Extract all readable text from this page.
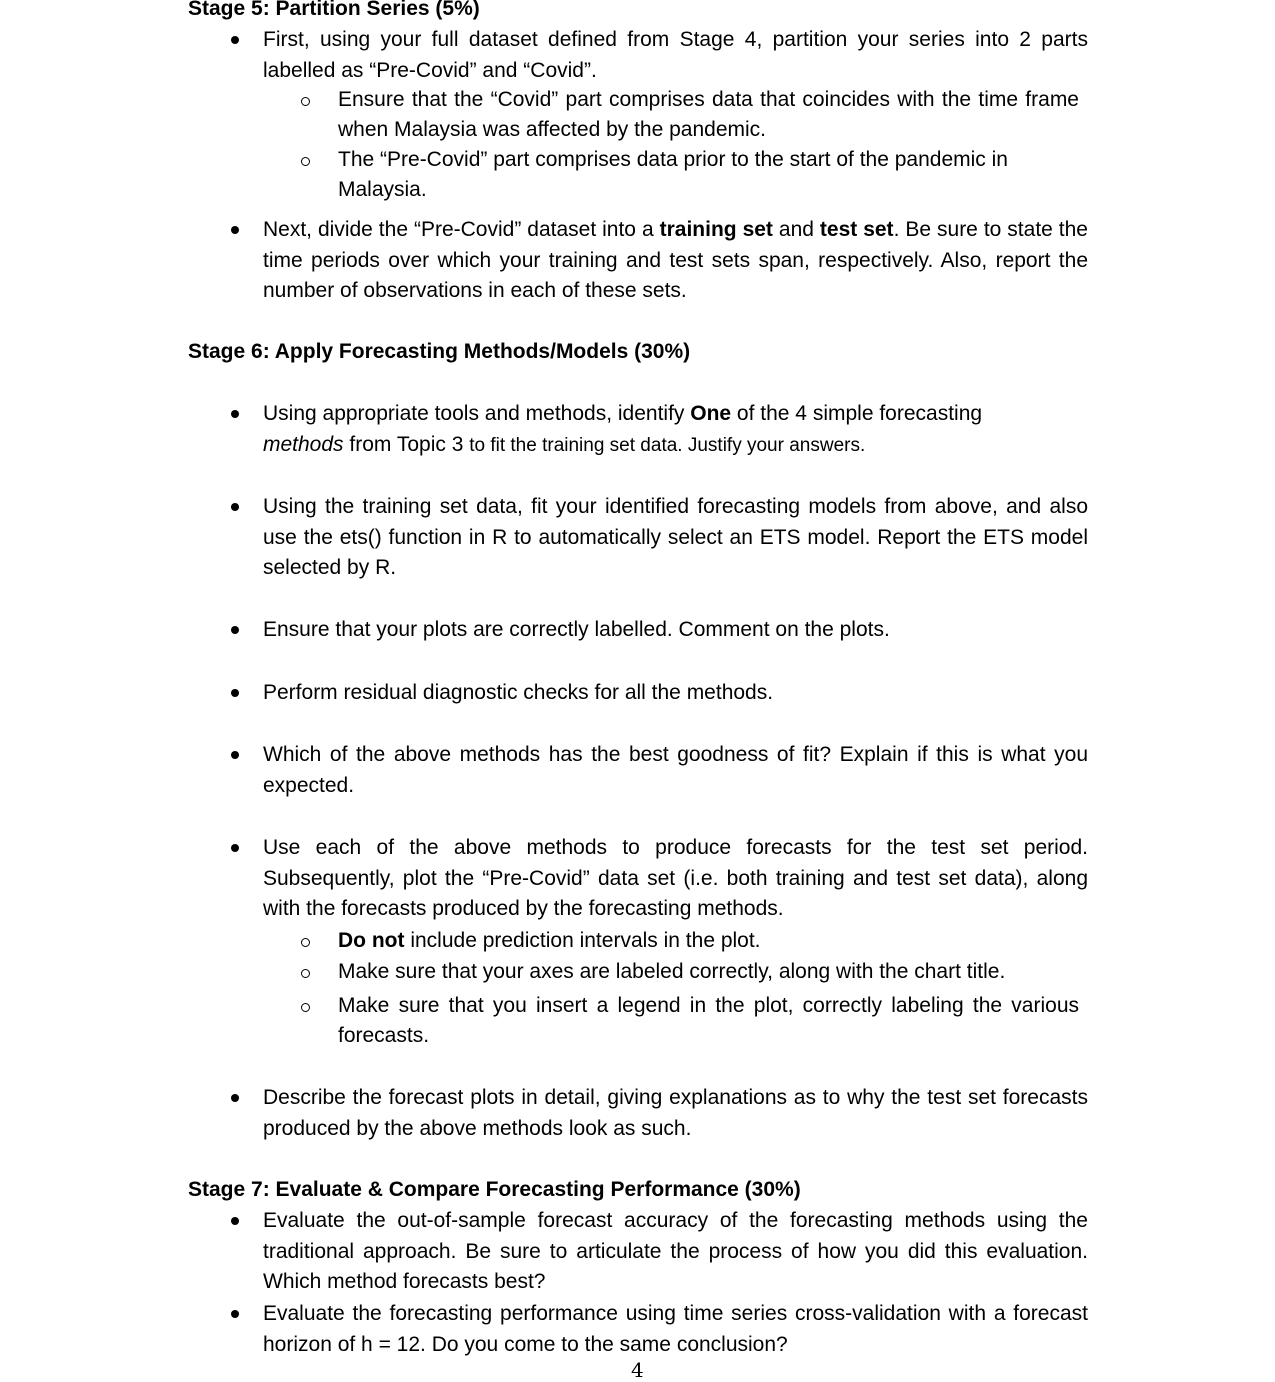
Stage 5: Partition Series (5%)
First, using your full dataset defined from Stage 4, partition your series into 2 parts labelled as “Pre-Covid” and “Covid”.
Ensure that the “Covid” part comprises data that coincides with the time frame when Malaysia was affected by the pandemic.
The “Pre-Covid” part comprises data prior to the start of the pandemic in Malaysia.
Next, divide the “Pre-Covid” dataset into a training set and test set. Be sure to state the time periods over which your training and test sets span, respectively. Also, report the number of observations in each of these sets.
Stage 6: Apply Forecasting Methods/Models (30%)
Using appropriate tools and methods, identify One of the 4 simple forecasting methods from Topic 3 to fit the training set data. Justify your answers.
Using the training set data, fit your identified forecasting models from above, and also use the ets() function in R to automatically select an ETS model. Report the ETS model selected by R.
Ensure that your plots are correctly labelled. Comment on the plots.
Perform residual diagnostic checks for all the methods.
Which of the above methods has the best goodness of fit? Explain if this is what you expected.
Use each of the above methods to produce forecasts for the test set period. Subsequently, plot the “Pre-Covid” data set (i.e. both training and test set data), along with the forecasts produced by the forecasting methods.
Do not include prediction intervals in the plot.
Make sure that your axes are labeled correctly, along with the chart title.
Make sure that you insert a legend in the plot, correctly labeling the various forecasts.
Describe the forecast plots in detail, giving explanations as to why the test set forecasts produced by the above methods look as such.
Stage 7: Evaluate & Compare Forecasting Performance (30%)
Evaluate the out-of-sample forecast accuracy of the forecasting methods using the traditional approach. Be sure to articulate the process of how you did this evaluation. Which method forecasts best?
Evaluate the forecasting performance using time series cross-validation with a forecast horizon of h = 12. Do you come to the same conclusion?
4
